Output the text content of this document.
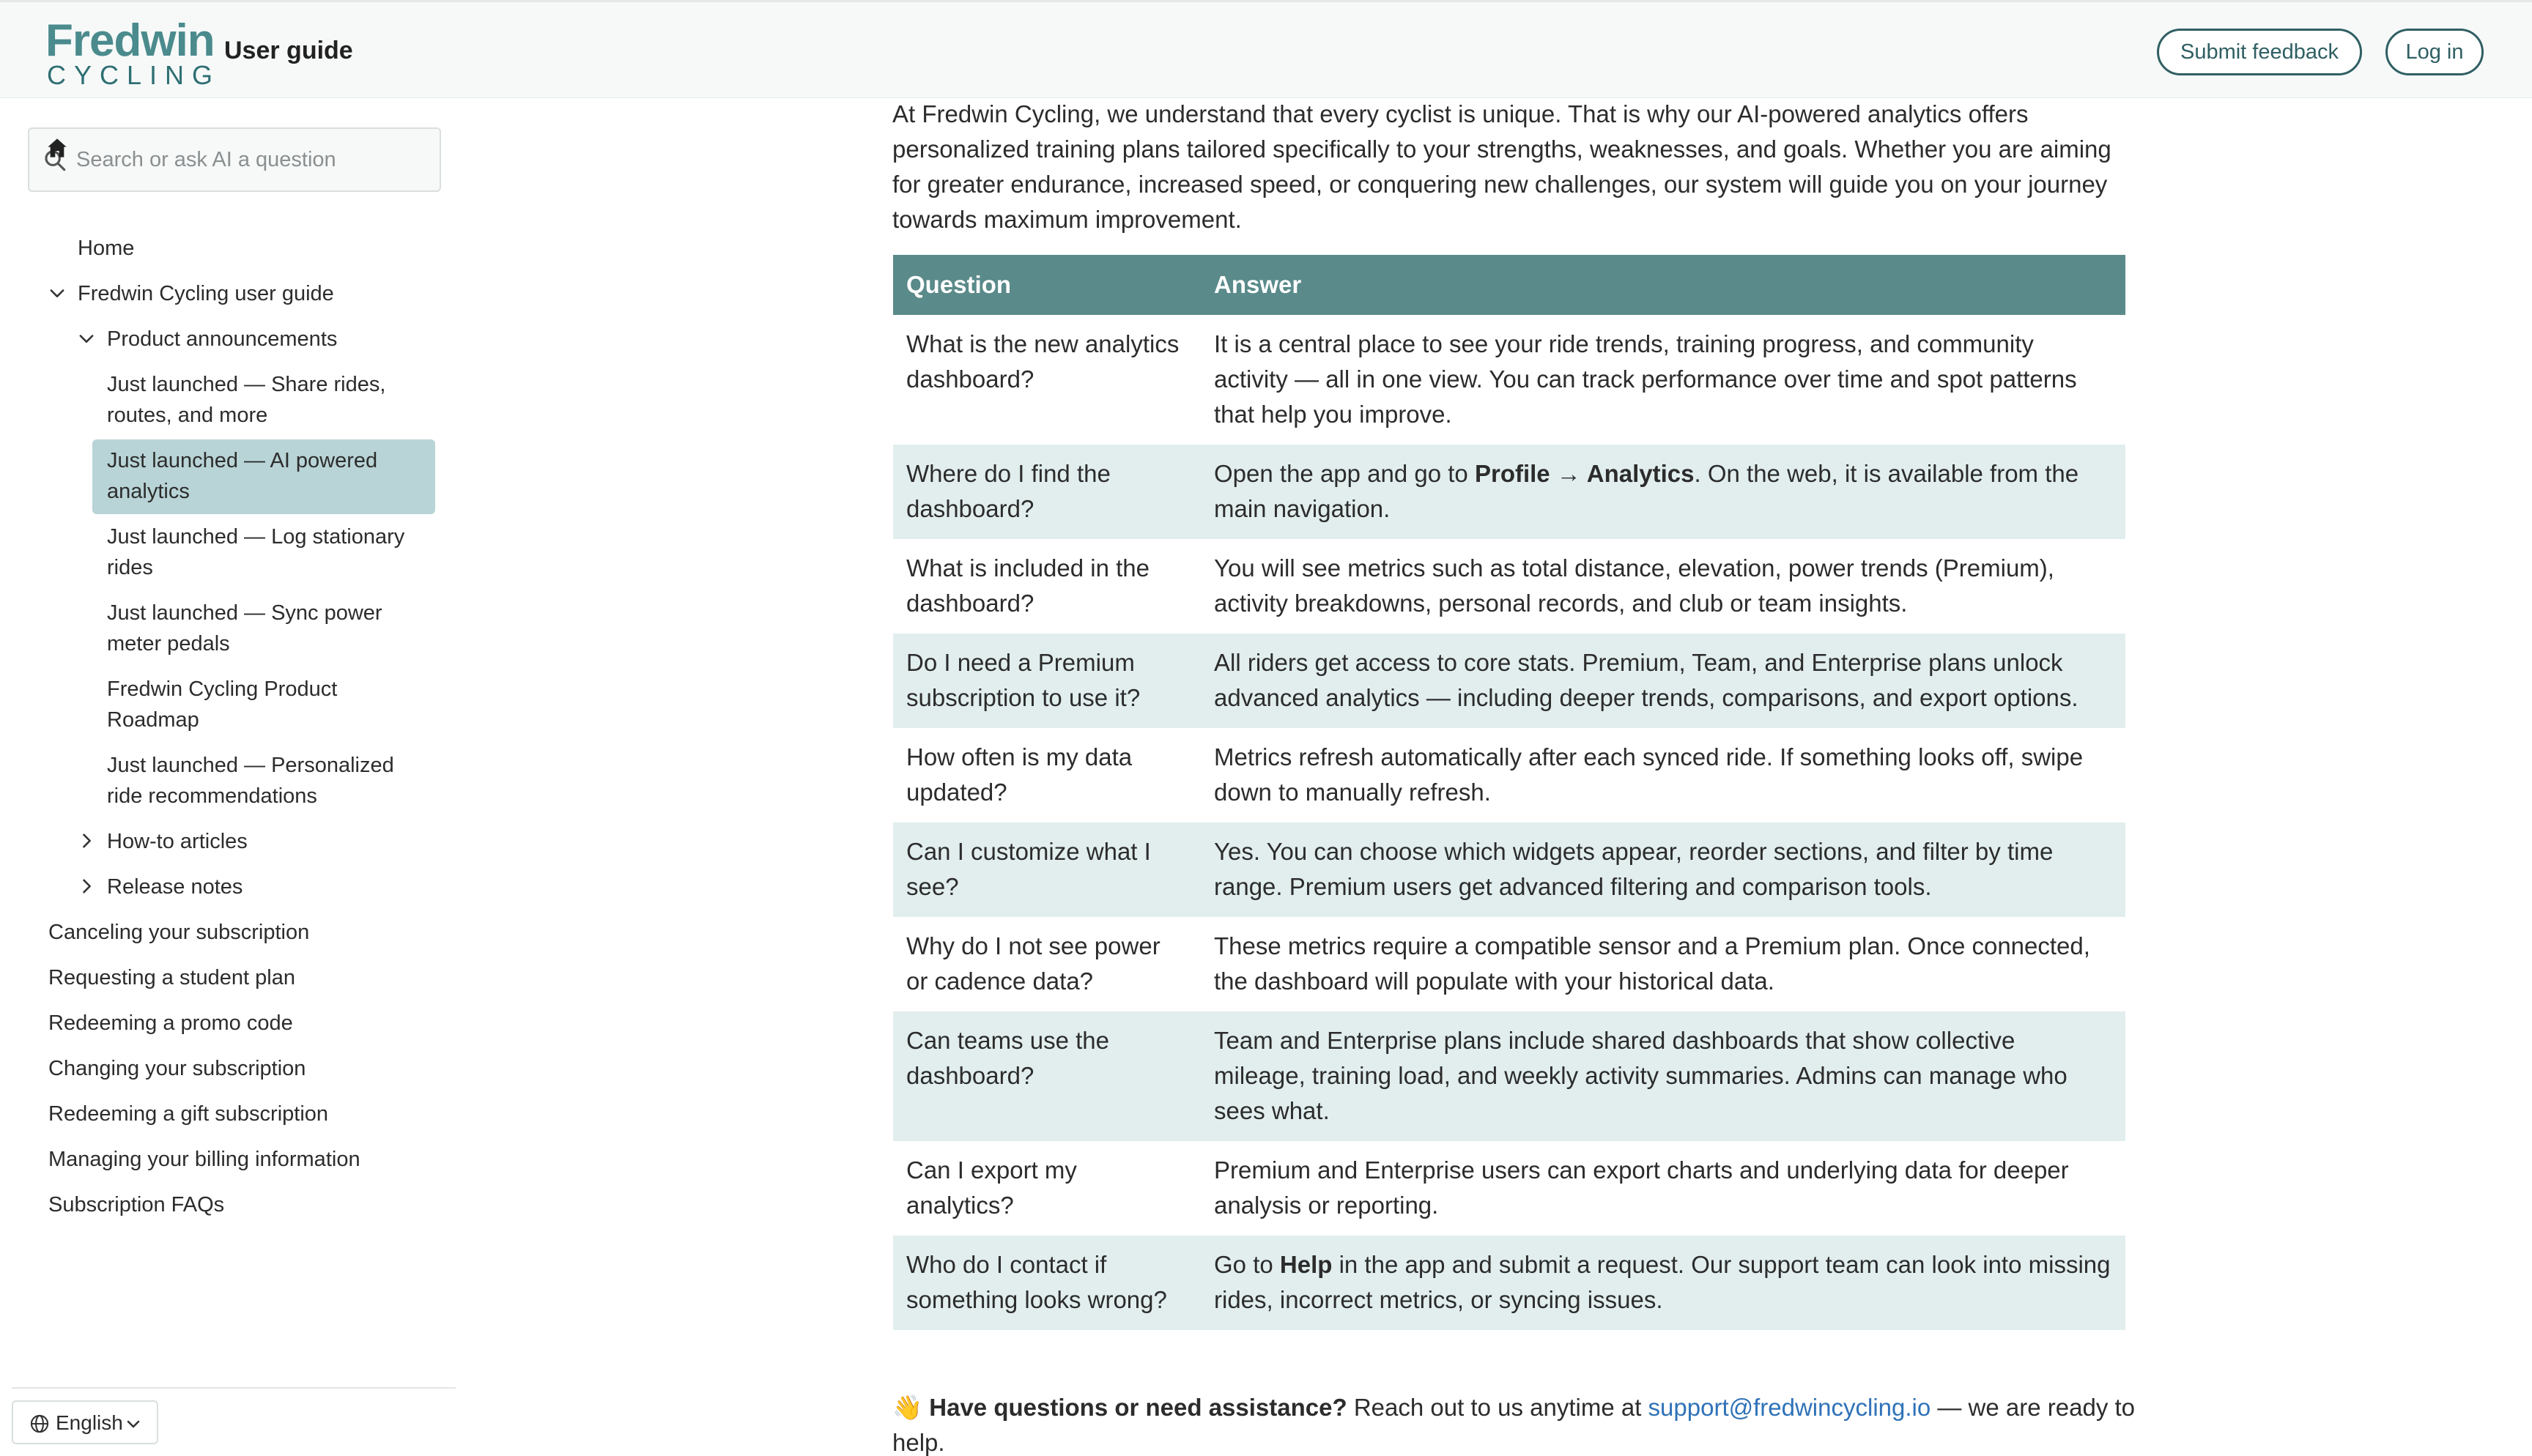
Fredwin
CYCLING
User guide	Submit feedback	Log in
Search or ask AI a question
Home
Fredwin Cycling user guide
Product announcements
Just launched — Share rides,
routes, and more
Just launched — AI powered
analytics
Just launched — Log stationary
rides
Just launched — Sync power
meter pedals
Fredwin Cycling Product
Roadmap
Just launched — Personalized
ride recommendations
How-to articles
Release notes
Canceling your subscription
Requesting a student plan
Redeeming a promo code
Changing your subscription
Redeeming a gift subscription
Managing your billing information
Subscription FAQs
English
At Fredwin Cycling, we understand that every cyclist is unique. That is why our AI-powered analytics offers personalized training plans tailored specifically to your strengths, weaknesses, and goals. Whether you are aiming for greater endurance, increased speed, or conquering new challenges, our system will guide you on your journey towards maximum improvement.
Question	Answer
What is the new analytics dashboard?	It is a central place to see your ride trends, training progress, and community activity — all in one view. You can track performance over time and spot patterns that help you improve.
Where do I find the dashboard?	Open the app and go to Profile → Analytics. On the web, it is available from the main navigation.
What is included in the dashboard?	You will see metrics such as total distance, elevation, power trends (Premium), activity breakdowns, personal records, and club or team insights.
Do I need a Premium subscription to use it?	All riders get access to core stats. Premium, Team, and Enterprise plans unlock advanced analytics — including deeper trends, comparisons, and export options.
How often is my data updated?	Metrics refresh automatically after each synced ride. If something looks off, swipe down to manually refresh.
Can I customize what I see?	Yes. You can choose which widgets appear, reorder sections, and filter by time range. Premium users get advanced filtering and comparison tools.
Why do I not see power or cadence data?	These metrics require a compatible sensor and a Premium plan. Once connected, the dashboard will populate with your historical data.
Can teams use the dashboard?	Team and Enterprise plans include shared dashboards that show collective mileage, training load, and weekly activity summaries. Admins can manage who sees what.
Can I export my analytics?	Premium and Enterprise users can export charts and underlying data for deeper analysis or reporting.
Who do I contact if something looks wrong?	Go to Help in the app and submit a request. Our support team can look into missing rides, incorrect metrics, or syncing issues.
👋 Have questions or need assistance? Reach out to us anytime at support@fredwincycling.io — we are ready to help.
